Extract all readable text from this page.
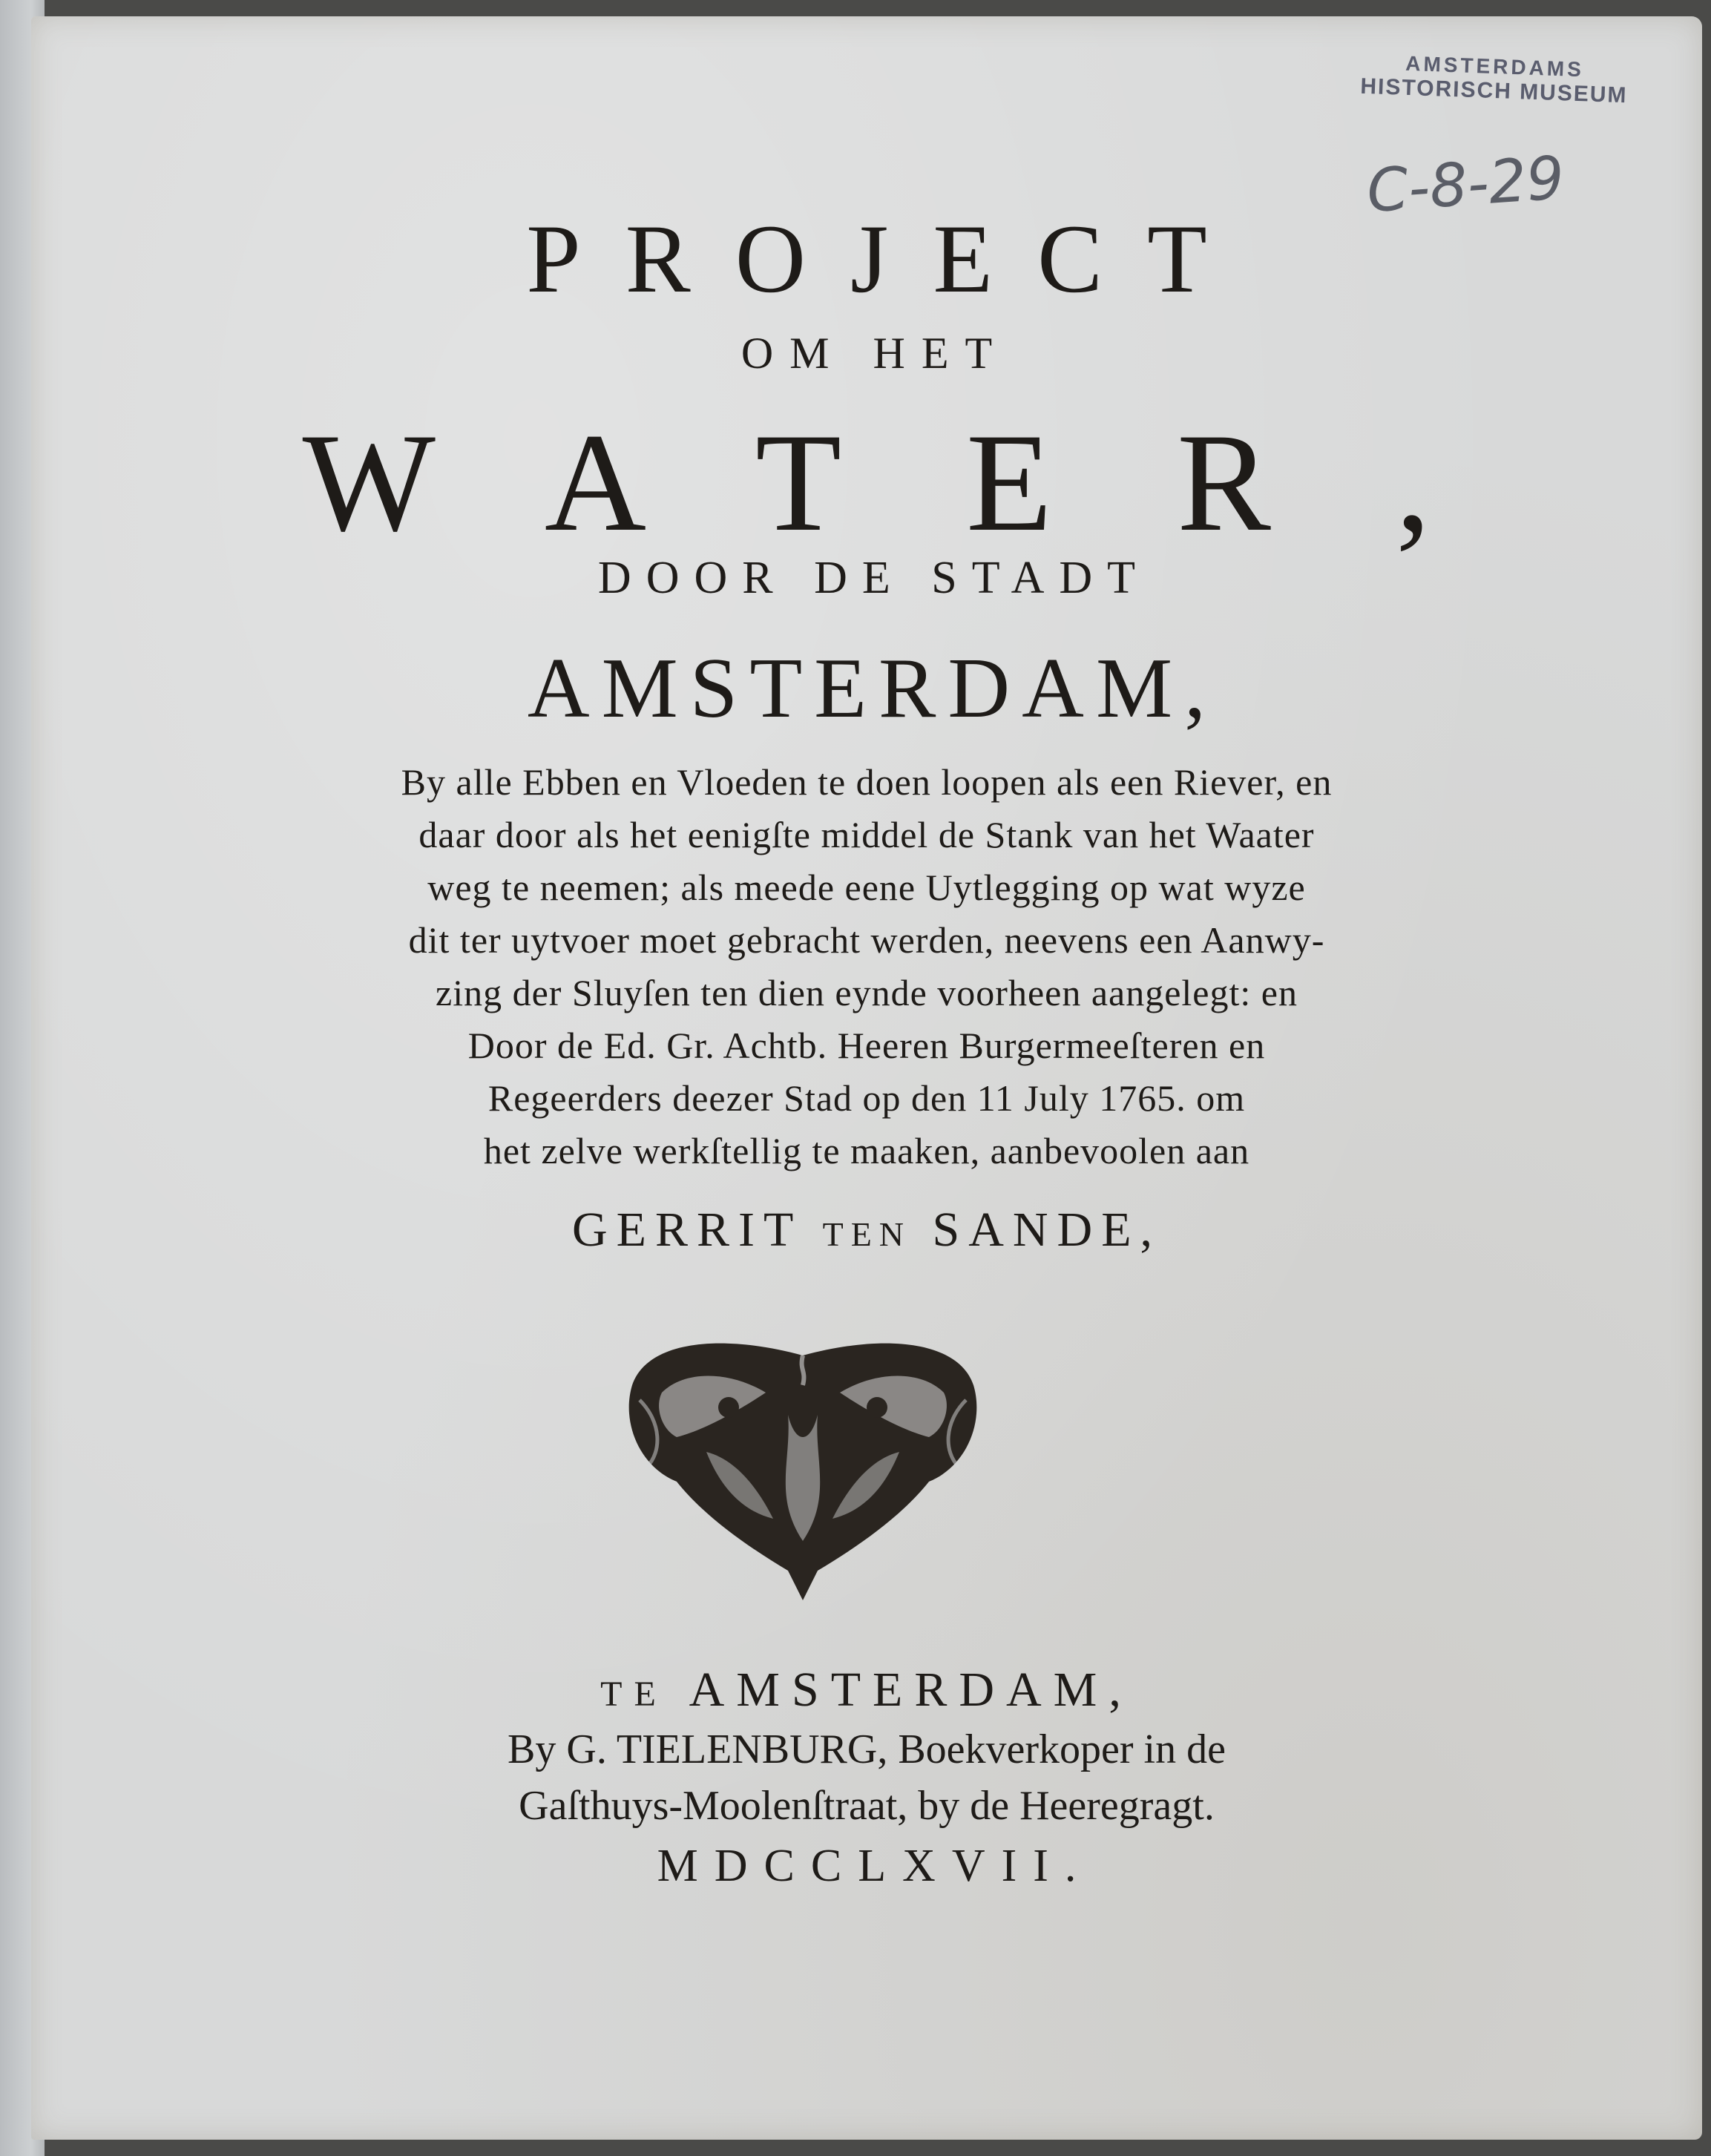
AMSTERDAMS
HISTORISCH MUSEUM
C-8-29
PROJECT
OM HET
WATER,
DOOR DE STADT
AMSTERDAM,
By alle Ebben en Vloeden te doen loopen als een Riever, en
daar door als het eenigſte middel de Stank van het Waater
weg te neemen; als meede eene Uytlegging op wat wyze
dit ter uytvoer moet gebracht werden, neevens een Aanwy-
zing der Sluyſen ten dien eynde voorheen aangelegt: en
Door de Ed. Gr. Achtb. Heeren Burgermeeſteren en
Regeerders deezer Stad op den 11 July 1765. om
het zelve werkſtellig te maaken, aanbevoolen aan
GERRIT TEN SANDE,
TE AMSTERDAM,
By G. TIELENBURG, Boekverkoper in de
Gaſthuys-Moolenſtraat, by de Heeregragt.
MDCCLXVII.
